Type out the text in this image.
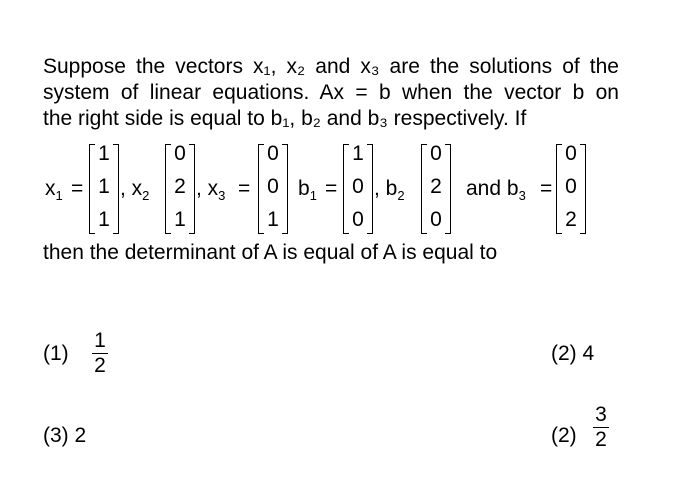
Suppose the vectors x₁, x₂ and x₃ are the solutions of the
system of linear equations. Ax = b when the vector b on
the right side is equal to b₁, b₂ and b₃ respectively. If
$x_1$ =
1
1
1
, $x_2$
0
2
1
, $x_3$ =
0
0
1
$b_1$ =
1
0
0
, $b_2$
0
2
0
and $b_3$ =
0
0
2
then the determinant of A is equal of A is equal to
(1)
1
2
(2) 4
(3) 2	(2)
3
2
